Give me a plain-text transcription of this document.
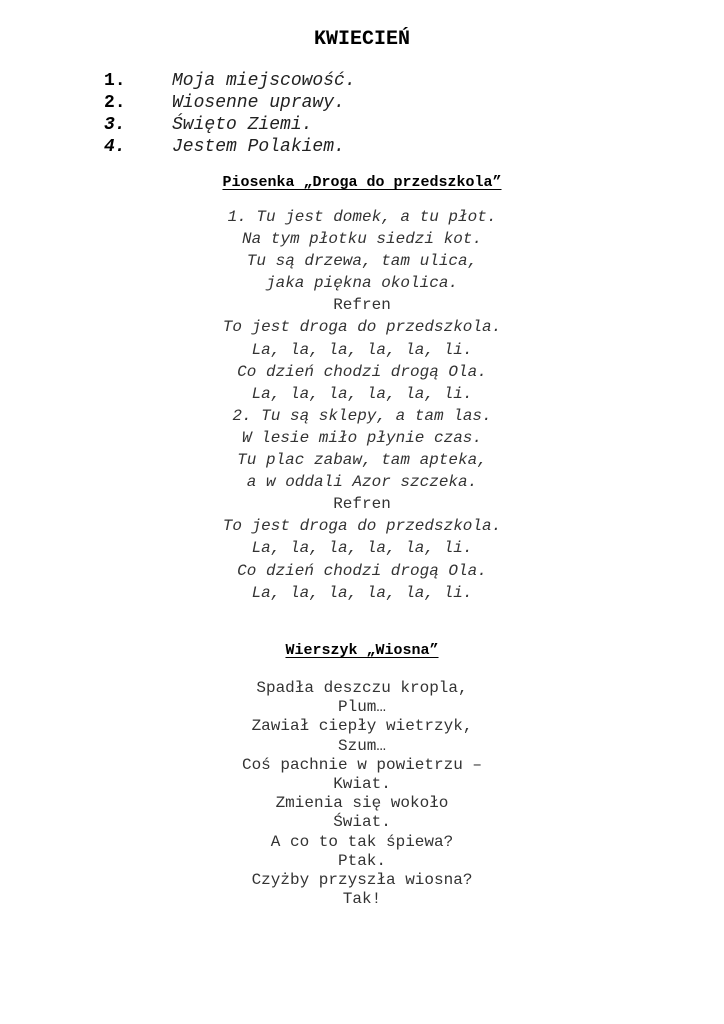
KWIECIEŃ
1.	Moja miejscowość.
2.	Wiosenne uprawy.
3.	Święto Ziemi.
4.	Jestem Polakiem.
Piosenka „Droga do przedszkola”
1. Tu jest domek, a tu płot.
Na tym płotku siedzi kot.
Tu są drzewa, tam ulica,
jaka piękna okolica.
Refren
To jest droga do przedszkola.
La, la, la, la, la, li.
Co dzień chodzi drogą Ola.
La, la, la, la, la, li.
2. Tu są sklepy, a tam las.
W lesie miło płynie czas.
Tu plac zabaw, tam apteka,
a w oddali Azor szczeka.
Refren
To jest droga do przedszkola.
La, la, la, la, la, li.
Co dzień chodzi drogą Ola.
La, la, la, la, la, li.
Wierszyk „Wiosna”
Spadła deszczu kropla,
Plum…
Zawiał ciepły wietrzyk,
Szum…
Coś pachnie w powietrzu –
Kwiat.
Zmienia się wokoło
Świat.
A co to tak śpiewa?
Ptak.
Czyżby przyszła wiosna?
Tak!
